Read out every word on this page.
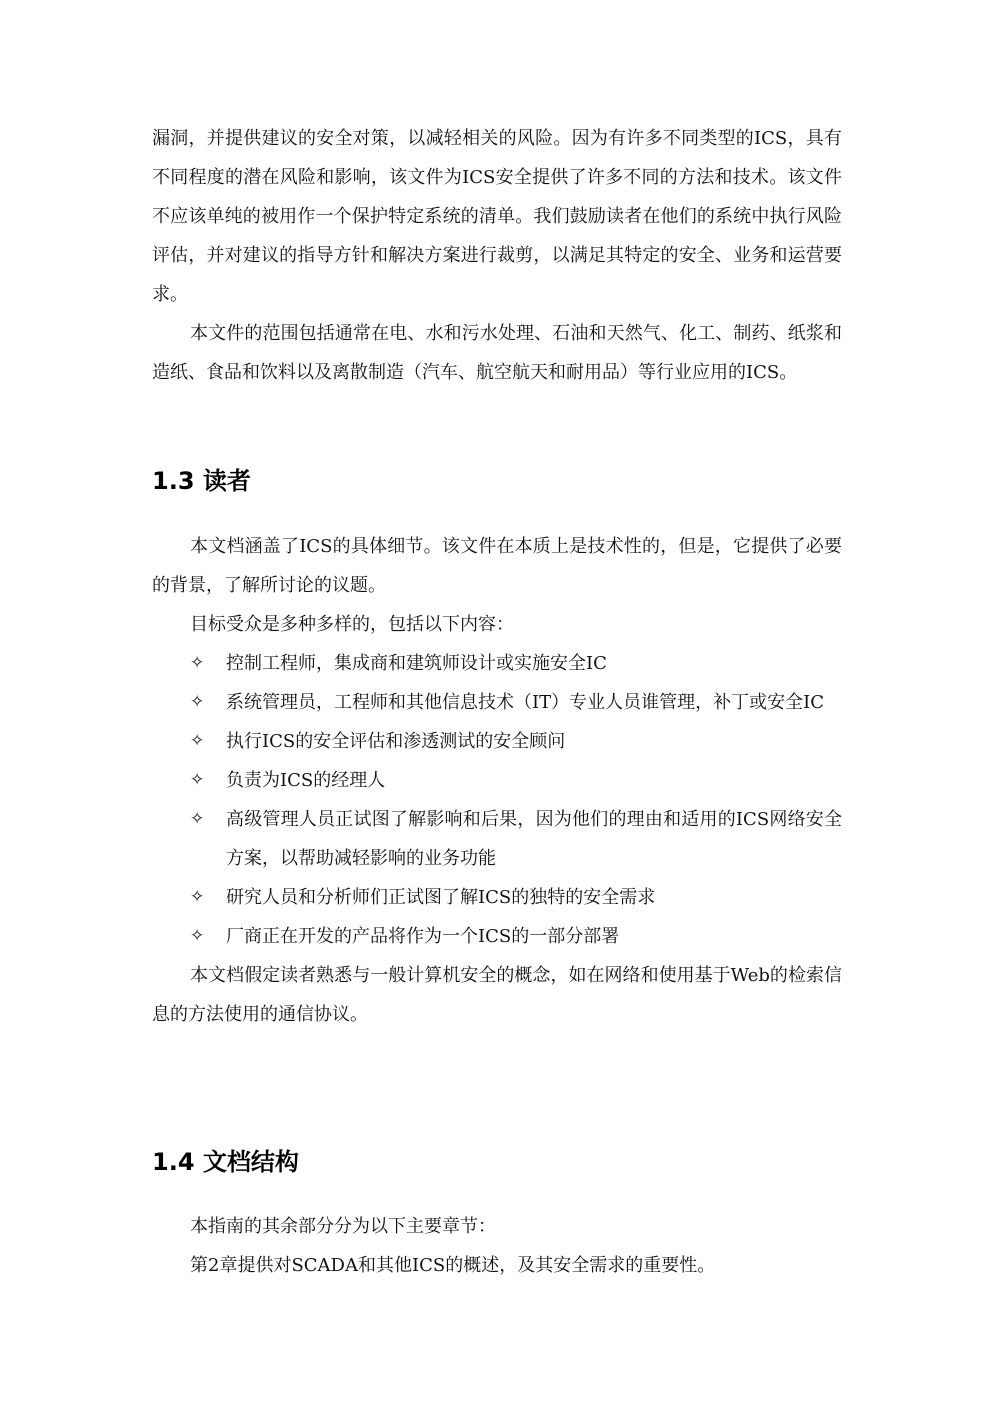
漏洞，并提供建议的安全对策，以减轻相关的风险。因为有许多不同类型的ICS，具有不同程度的潜在风险和影响，该文件为ICS安全提供了许多不同的方法和技术。该文件不应该单纯的被用作一个保护特定系统的清单。我们鼓励读者在他们的系统中执行风险评估，并对建议的指导方针和解决方案进行裁剪，以满足其特定的安全、业务和运营要求。

本文件的范围包括通常在电、水和污水处理、石油和天然气、化工、制药、纸浆和造纸、食品和饮料以及离散制造（汽车、航空航天和耐用品）等行业应用的ICS。

1.3 读者

本文档涵盖了ICS的具体细节。该文件在本质上是技术性的，但是，它提供了必要的背景，了解所讨论的议题。

目标受众是多种多样的，包括以下内容：

✧ 控制工程师，集成商和建筑师设计或实施安全IC
✧ 系统管理员，工程师和其他信息技术（IT）专业人员谁管理，补丁或安全IC
✧ 执行ICS的安全评估和渗透测试的安全顾问
✧ 负责为ICS的经理人
✧ 高级管理人员正试图了解影响和后果，因为他们的理由和适用的ICS网络安全方案，以帮助减轻影响的业务功能
✧ 研究人员和分析师们正试图了解ICS的独特的安全需求
✧ 厂商正在开发的产品将作为一个ICS的一部分部署

本文档假定读者熟悉与一般计算机安全的概念，如在网络和使用基于Web的检索信息的方法使用的通信协议。

1.4 文档结构

本指南的其余部分分为以下主要章节：

第2章提供对SCADA和其他ICS的概述，及其安全需求的重要性。
